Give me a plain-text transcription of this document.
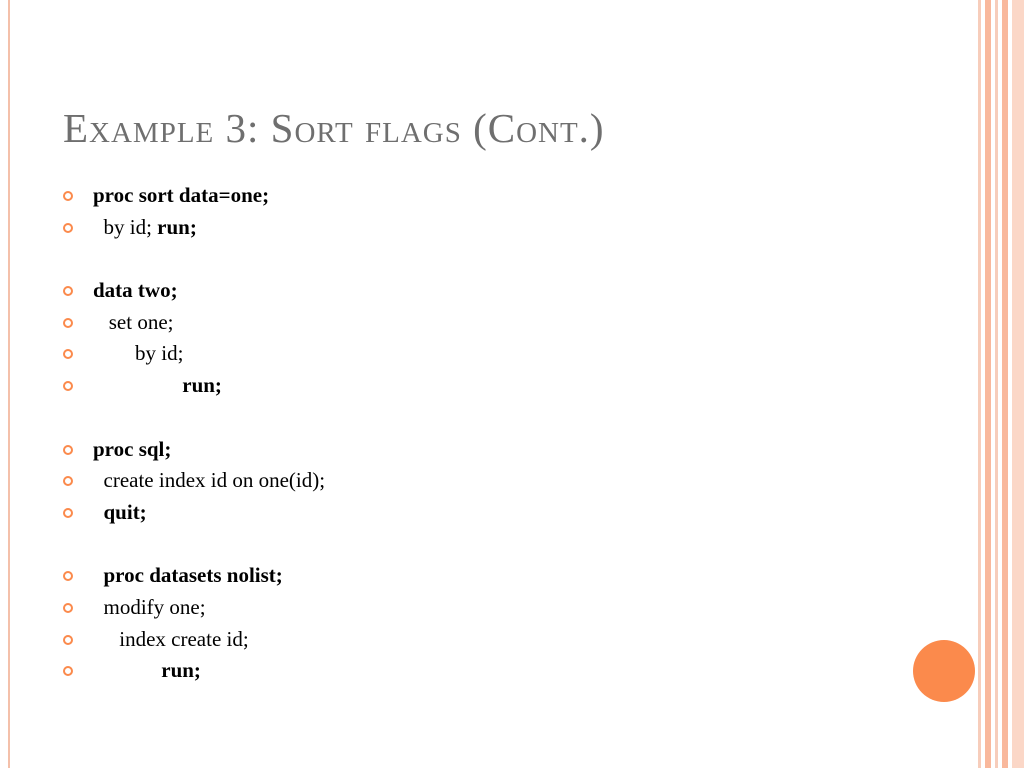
Example 3: Sort flags (Cont.)
proc sort data=one;
by id; run;
data two;
set one;
by id;
run;
proc sql;
create index id on one(id);
quit;
proc datasets nolist;
modify one;
index create id;
run;
